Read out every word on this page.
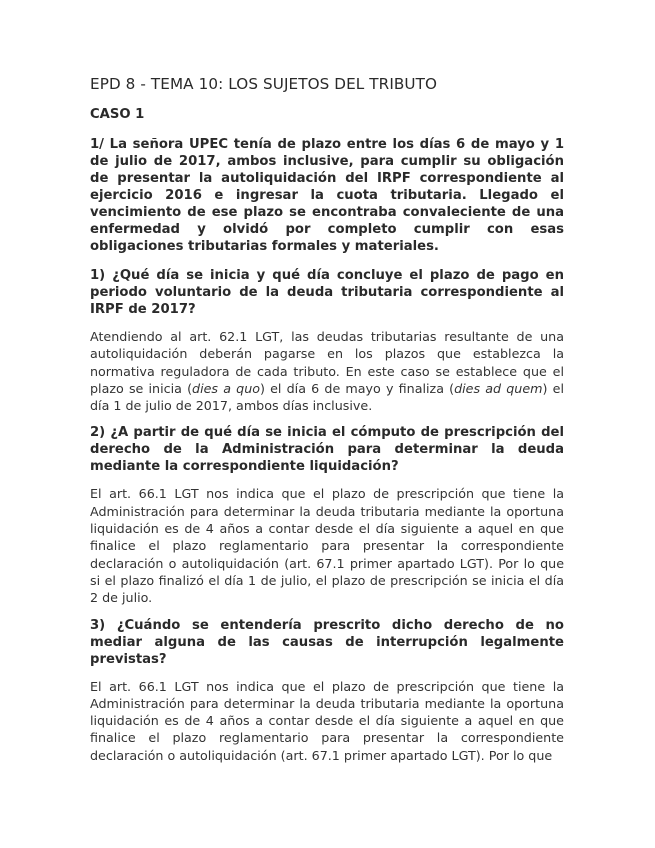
EPD 8 - TEMA 10: LOS SUJETOS DEL TRIBUTO
CASO 1

1/ La señora UPEC tenía de plazo entre los días 6 de mayo y 1 de julio de 2017, ambos inclusive, para cumplir su obligación de presentar la autoliquidación del IRPF correspondiente al ejercicio 2016 e ingresar la cuota tributaria. Llegado el vencimiento de ese plazo se encontraba convaleciente de una enfermedad y olvidó por completo cumplir con esas obligaciones tributarias formales y materiales.

1) ¿Qué día se inicia y qué día concluye el plazo de pago en periodo voluntario de la deuda tributaria correspondiente al IRPF de 2017?

Atendiendo al art. 62.1 LGT, las deudas tributarias resultante de una autoliquidación deberán pagarse en los plazos que establezca la normativa reguladora de cada tributo. En este caso se establece que el plazo se inicia (dies a quo) el día 6 de mayo y finaliza (dies ad quem) el día 1 de julio de 2017, ambos días inclusive.

2) ¿A partir de qué día se inicia el cómputo de prescripción del derecho de la Administración para determinar la deuda mediante la correspondiente liquidación?

El art. 66.1 LGT nos indica que el plazo de prescripción que tiene la Administración para determinar la deuda tributaria mediante la oportuna liquidación es de 4 años a contar desde el día siguiente a aquel en que finalice el plazo reglamentario para presentar la correspondiente declaración o autoliquidación (art. 67.1 primer apartado LGT). Por lo que si el plazo finalizó el día 1 de julio, el plazo de prescripción se inicia el día 2 de julio.

3) ¿Cuándo se entendería prescrito dicho derecho de no mediar alguna de las causas de interrupción legalmente previstas?

El art. 66.1 LGT nos indica que el plazo de prescripción que tiene la Administración para determinar la deuda tributaria mediante la oportuna liquidación es de 4 años a contar desde el día siguiente a aquel en que finalice el plazo reglamentario para presentar la correspondiente declaración o autoliquidación (art. 67.1 primer apartado LGT). Por lo que
